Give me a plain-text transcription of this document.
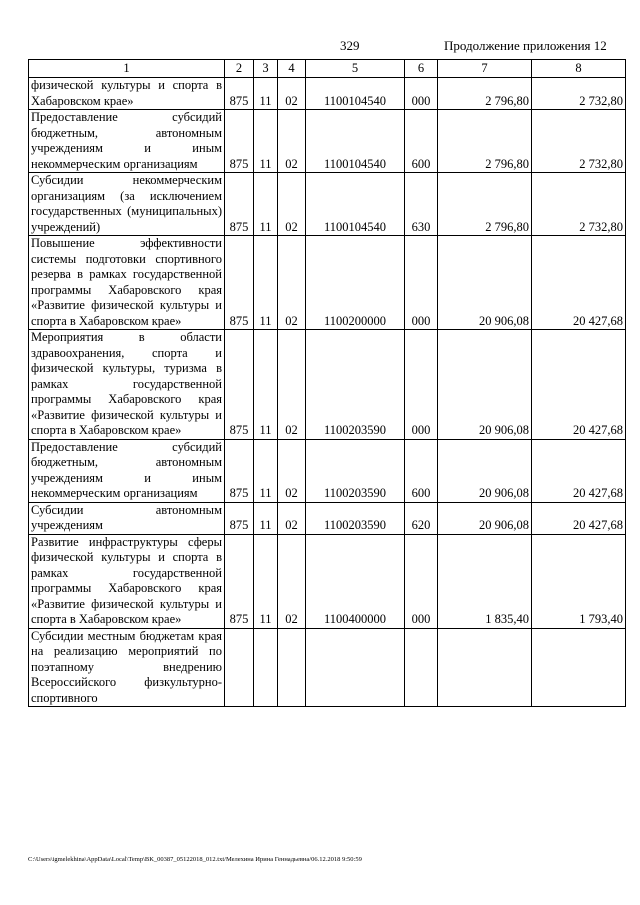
329	Продолжение приложения 12
1	2	3	4	5	6	7	8
физической культуры и спорта в Хабаровском крае»	875	11	02	1100104540	000	2 796,80	2 732,80
Предоставление субсидий бюджетным, автономным учреждениям и иным некоммерческим организациям	875	11	02	1100104540	600	2 796,80	2 732,80
Субсидии некоммерческим организациям (за исключением государственных (муниципальных) учреждений)	875	11	02	1100104540	630	2 796,80	2 732,80
Повышение эффективности системы подготовки спортивного резерва в рамках государственной программы Хабаровского края «Развитие физической культуры и спорта в Хабаровском крае»	875	11	02	1100200000	000	20 906,08	20 427,68
Мероприятия в области здравоохранения, спорта и физической культуры, туризма в рамках государственной программы Хабаровского края «Развитие физической культуры и спорта в Хабаровском крае»	875	11	02	1100203590	000	20 906,08	20 427,68
Предоставление субсидий бюджетным, автономным учреждениям и иным некоммерческим организациям	875	11	02	1100203590	600	20 906,08	20 427,68
Субсидии автономным учреждениям	875	11	02	1100203590	620	20 906,08	20 427,68
Развитие инфраструктуры сферы физической культуры и спорта в рамках государственной программы Хабаровского края «Развитие физической культуры и спорта в Хабаровском крае»	875	11	02	1100400000	000	1 835,40	1 793,40
Субсидии местным бюджетам края на реализацию мероприятий по поэтапному внедрению Всероссийского физкультурно-спортивного							
C:\Users\igmelekhina\AppData\Local\Temp\BK_00387_05122018_012.txt/Мелехина Ирина Геннадьевна/06.12.2018 9:50:59
